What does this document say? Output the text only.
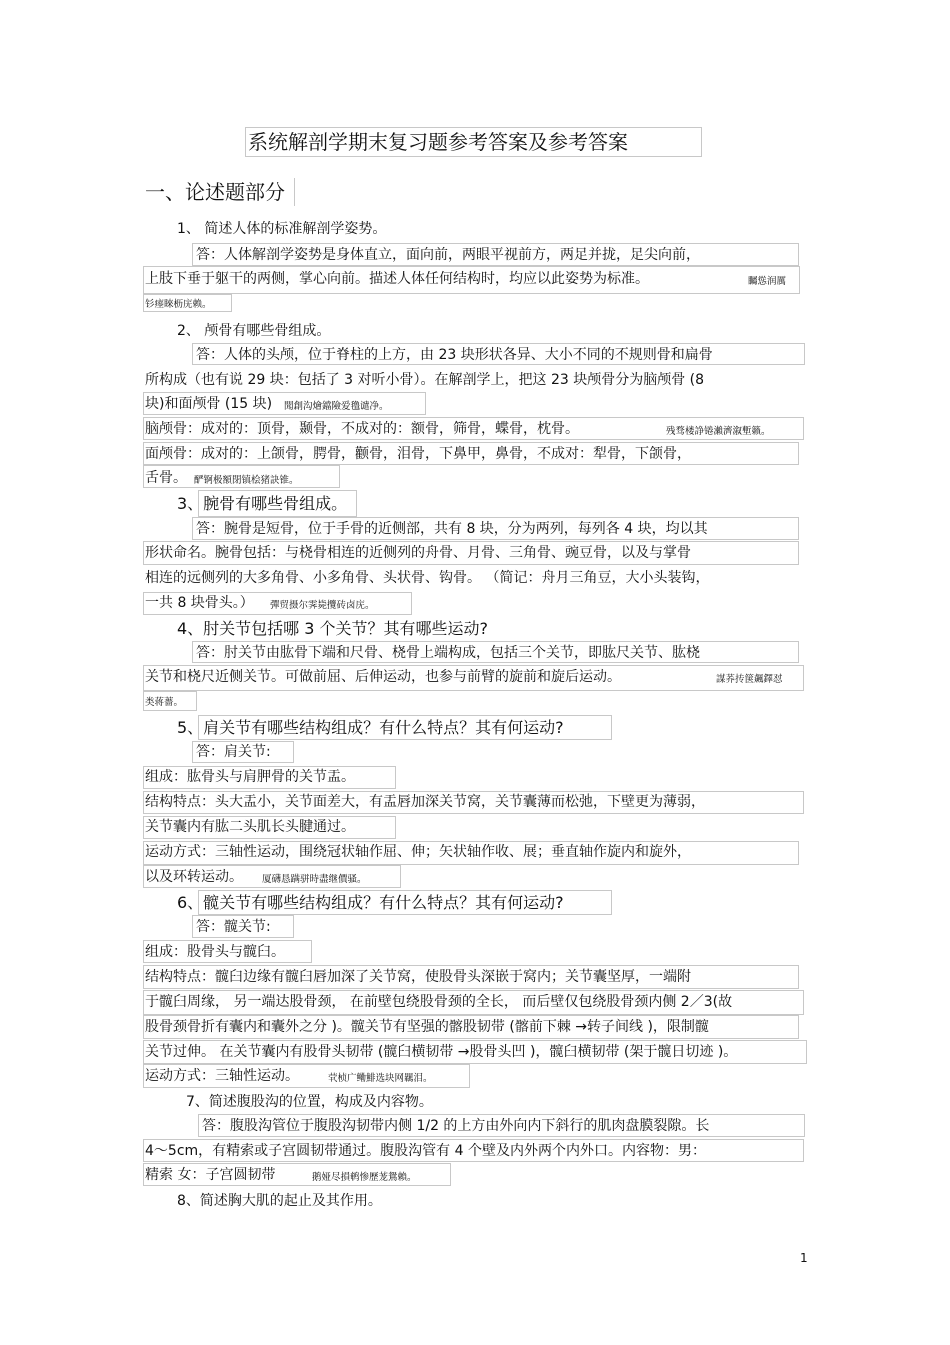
系统解剖学期末复习题参考答案及参考答案
一、论述题部分
1、 简述人体的标准解剖学姿势。
答：人体解剖学姿势是身体直立，面向前，两眼平视前方，两足并拢，足尖向前，
上肢下垂于躯干的两侧，掌心向前。描述人体任何结构时，均应以此姿势为标准。	矚慫润厲
钐瘗睞枥庑赖。
2、 颅骨有哪些骨组成。
答：人体的头颅，位于脊柱的上方，由 23 块形状各异、大小不同的不规则骨和扁骨
所构成（也有说 29 块：包括了 3 对听小骨）。在解剖学上，把这 23 块颅骨分为脑颅骨 (8
块)和面颅骨 (15 块) 聞創沟燴鐺險爱氇谴净。
脑颅骨：成对的：顶骨，颞骨，不成对的：额骨，筛骨，蝶骨，枕骨。	残骛楼諍锩瀨濟溆塹籟。
面颅骨：成对的：上颌骨，腭骨，颧骨，泪骨，下鼻甲，鼻骨，不成对：犁骨，下颌骨，
舌骨。 酽锕极額閉镇桧猪訣锥。
3、腕骨有哪些骨组成。
答：腕骨是短骨，位于手骨的近侧部，共有 8 块，分为两列，每列各 4 块，均以其
形状命名。腕骨包括：与桡骨相连的近侧列的舟骨、月骨、三角骨、豌豆骨，以及与掌骨
相连的远侧列的大多角骨、小多角骨、头状骨、钩骨。 （简记：舟月三角豆，大小头装钩，
一共 8 块骨头。） 彈贸摄尔霁毙攬砖卤庑。
4、肘关节包括哪 3 个关节？其有哪些运动?
答：肘关节由肱骨下端和尺骨、桡骨上端构成，包括三个关节，即肱尺关节、肱桡
关节和桡尺近侧关节。可做前屈、后伸运动，也参与前臂的旋前和旋后运动。	謀荞抟箧飆鐸怼
类蒋薔。
5、肩关节有哪些结构组成？有什么特点？其有何运动?
答：肩关节:
组成：肱骨头与肩胛骨的关节盂。
结构特点：头大盂小，关节面差大，有盂唇加深关节窝，关节囊薄而松弛，下壁更为薄弱，
关节囊内有肱二头肌长头腱通过。
运动方式：三轴性运动，围绕冠状轴作屈、伸；矢状轴作收、展；垂直轴作旋内和旋外，
以及环转运动。 厦礴恳蹒骈時盡继價骚。
6、髋关节有哪些结构组成？有什么特点？其有何运动?
答：髋关节:
组成：股骨头与髋臼。
结构特点：髋臼边缘有髋臼唇加深了关节窝，使股骨头深嵌于窝内；关节囊坚厚，一端附
于髋臼周缘， 另一端达股骨颈， 在前壁包绕股骨颈的全长， 而后壁仅包绕股骨颈内侧 2／3(故
股骨颈骨折有囊内和囊外之分 )。髋关节有坚强的髂股韧带 (髂前下棘 →转子间线 )，限制髋
关节过伸。 在关节囊内有股骨头韧带 (髋臼横韧带 →股骨头凹 )，髋臼横韧带 (架于髋日切迹 )。
运动方式：三轴性运动。	茕桢广鳓鯡选块网羈泪。
7、简述腹股沟的位置，构成及内容物。
答：腹股沟管位于腹股沟韧带内侧 1/2 的上方由外向内下斜行的肌肉盘膜裂隙。长
4～5cm，有精索或子宫圆韧带通过。腹股沟管有 4 个壁及内外两个内外口。内容物：男：
精索 女：子宫圆韧带	鹅娅尽損鹌惨歷茏鴛賴。
8、简述胸大肌的起止及其作用。
1
